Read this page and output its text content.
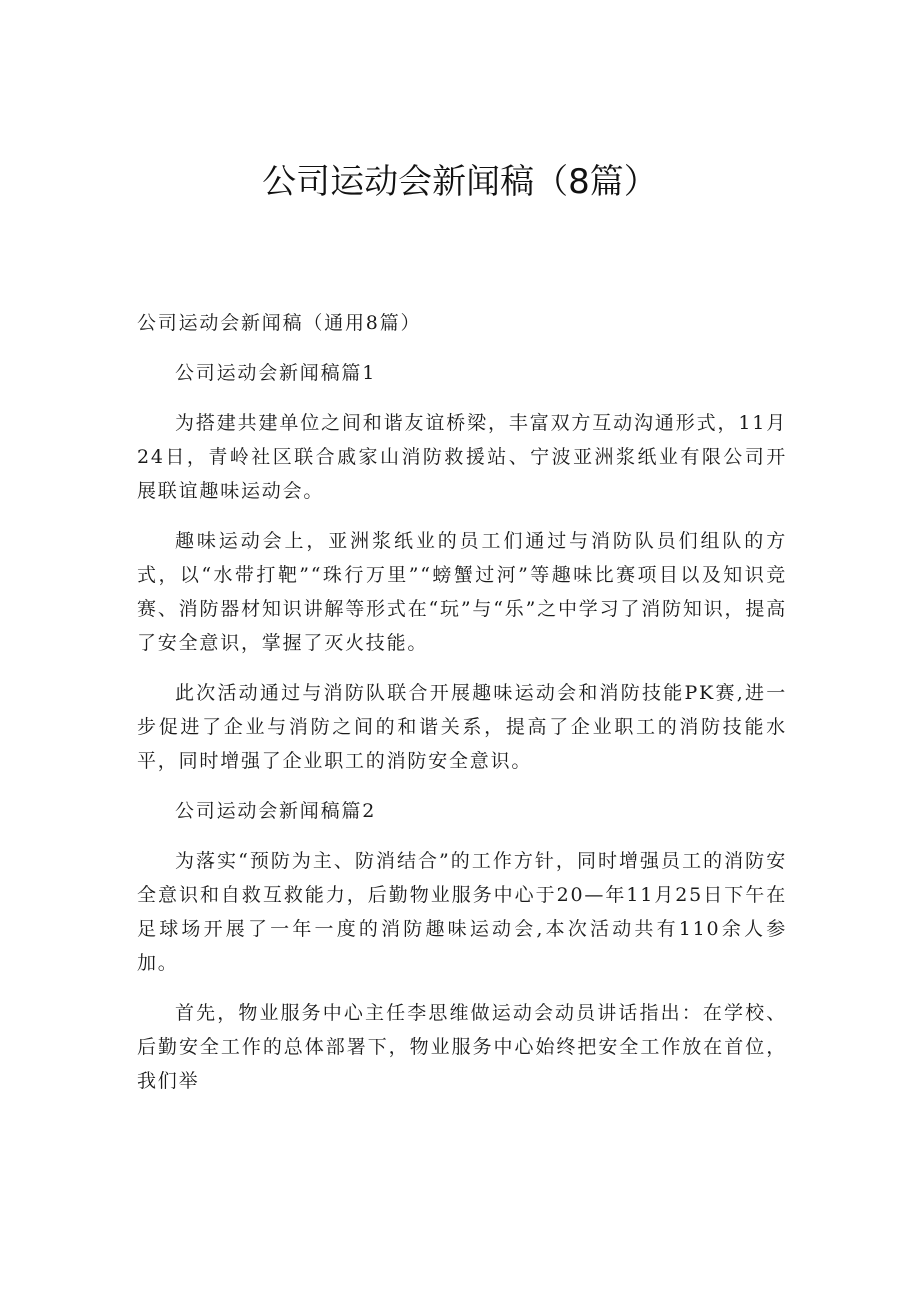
公司运动会新闻稿（8篇）

公司运动会新闻稿（通用8篇）

公司运动会新闻稿篇1

为搭建共建单位之间和谐友谊桥梁，丰富双方互动沟通形式，11月24日，青岭社区联合戚家山消防救援站、宁波亚洲浆纸业有限公司开展联谊趣味运动会。

趣味运动会上，亚洲浆纸业的员工们通过与消防队员们组队的方式，以“水带打靶”“珠行万里”“螃蟹过河”等趣味比赛项目以及知识竞赛、消防器材知识讲解等形式在“玩”与“乐”之中学习了消防知识，提高了安全意识，掌握了灭火技能。

此次活动通过与消防队联合开展趣味运动会和消防技能PK赛,进一步促进了企业与消防之间的和谐关系，提高了企业职工的消防技能水平，同时增强了企业职工的消防安全意识。

公司运动会新闻稿篇2

为落实“预防为主、防消结合”的工作方针，同时增强员工的消防安全意识和自救互救能力，后勤物业服务中心于20—年11月25日下午在足球场开展了一年一度的消防趣味运动会,本次活动共有110余人参加。

首先，物业服务中心主任李思维做运动会动员讲话指出：在学校、后勤安全工作的总体部署下，物业服务中心始终把安全工作放在首位，我们举
